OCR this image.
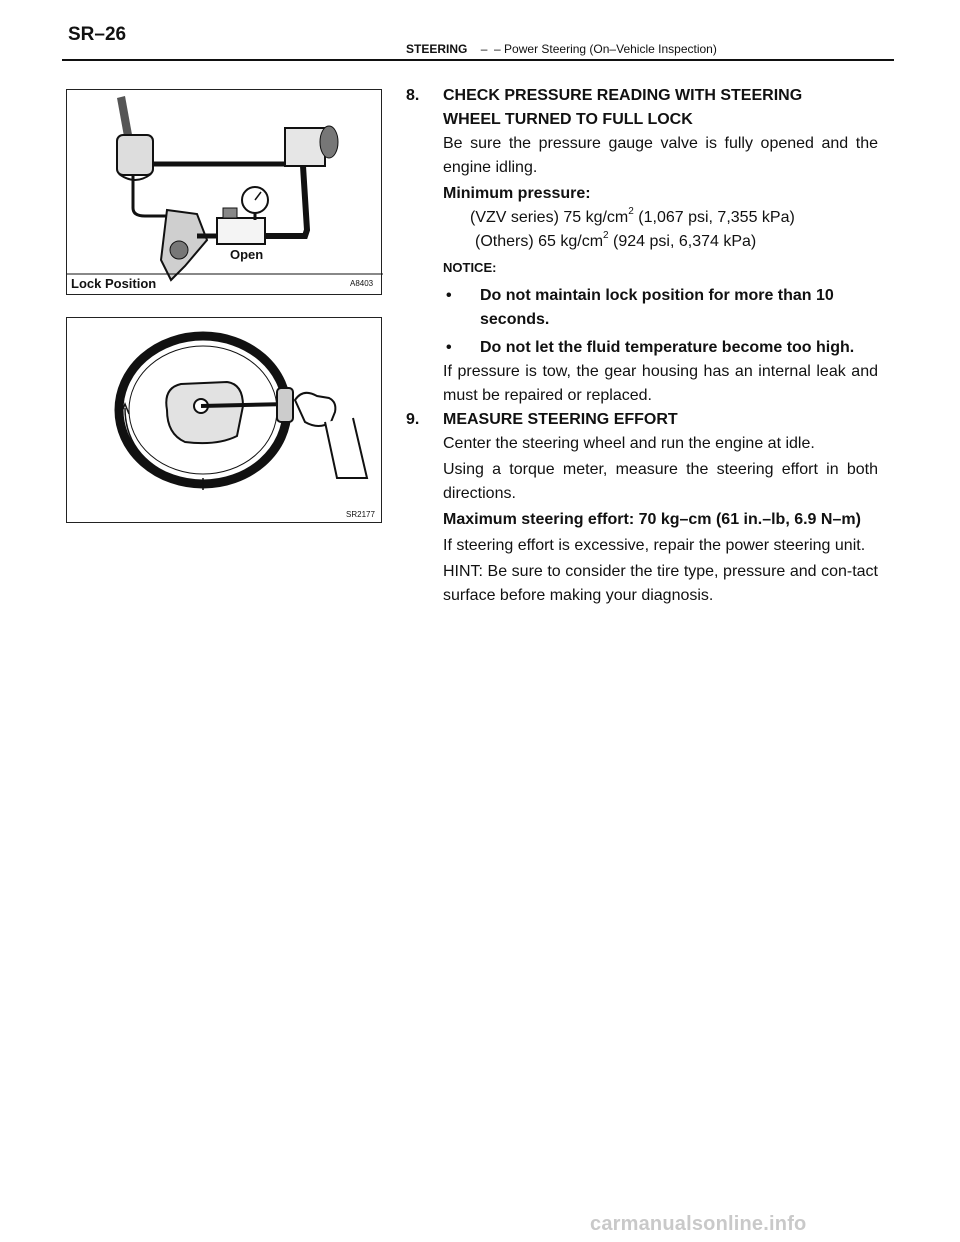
SR–26
STEERING – – Power Steering (On–Vehicle Inspection)
Open
Lock Position	A8403
SR2177
8. CHECK PRESSURE READING WITH STEERING
WHEEL TURNED TO FULL LOCK
Be sure the pressure gauge valve is fully opened and the engine idling.
Minimum pressure:
(VZV series) 75 $kg/cm^2$ (1,067 psi, 7,355 kPa)
(Others) 65 $kg/cm^2$ (924 psi, 6,374 kPa)
NOTICE:
• Do not maintain lock position for more than 10 seconds.
• Do not let the fluid temperature become too high.
If pressure is tow, the gear housing has an internal leak and must be repaired or replaced.
9. MEASURE STEERING EFFORT
Center the steering wheel and run the engine at idle.
Using a torque meter, measure the steering effort in both directions.
Maximum steering effort: 70 kg–cm (61 in.–lb, 6.9 N–m)
If steering effort is excessive, repair the power steering unit.
HINT: Be sure to consider the tire type, pressure and con-tact surface before making your diagnosis.
carmanualsonline.info
